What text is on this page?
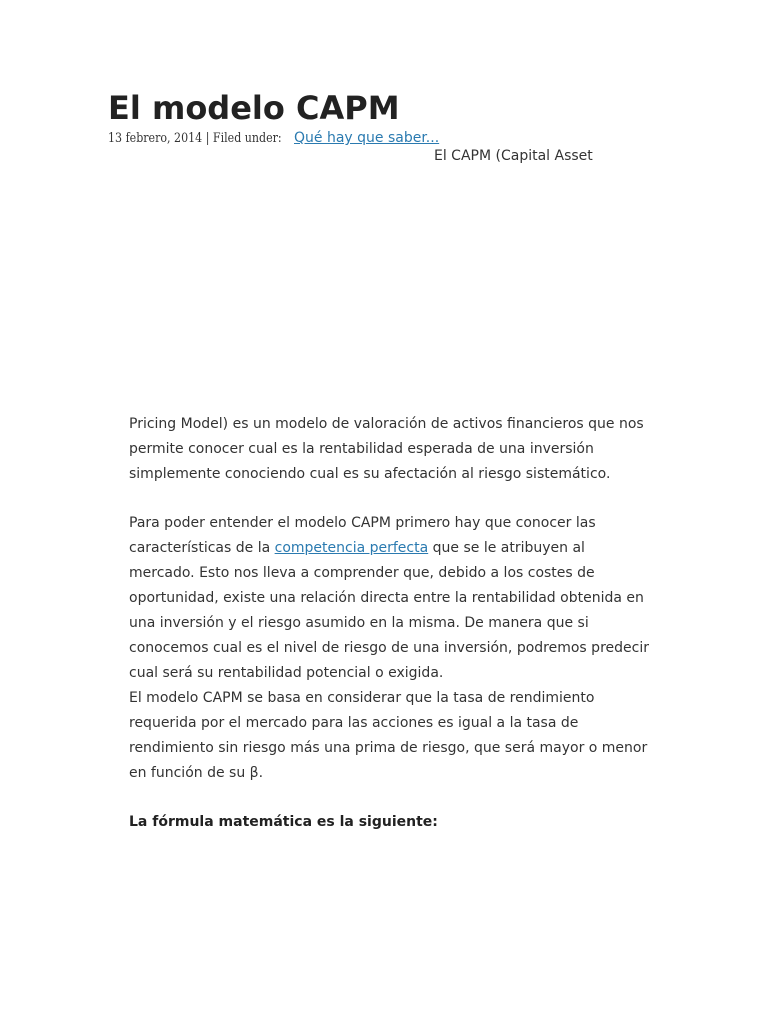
El modelo CAPM
13 febrero, 2014 | Filed under: Qué hay que saber...
El CAPM (Capital Asset

Pricing Model) es un modelo de valoración de activos financieros que nos permite conocer cual es la rentabilidad esperada de una inversión simplemente conociendo cual es su afectación al riesgo sistemático.

Para poder entender el modelo CAPM primero hay que conocer las características de la competencia perfecta que se le atribuyen al mercado. Esto nos lleva a comprender que, debido a los costes de oportunidad, existe una relación directa entre la rentabilidad obtenida en una inversión y el riesgo asumido en la misma. De manera que si conocemos cual es el nivel de riesgo de una inversión, podremos predecir cual será su rentabilidad potencial o exigida.

El modelo CAPM se basa en considerar que la tasa de rendimiento requerida por el mercado para las acciones es igual a la tasa de rendimiento sin riesgo más una prima de riesgo, que será mayor o menor en función de su β.

La fórmula matemática es la siguiente:
